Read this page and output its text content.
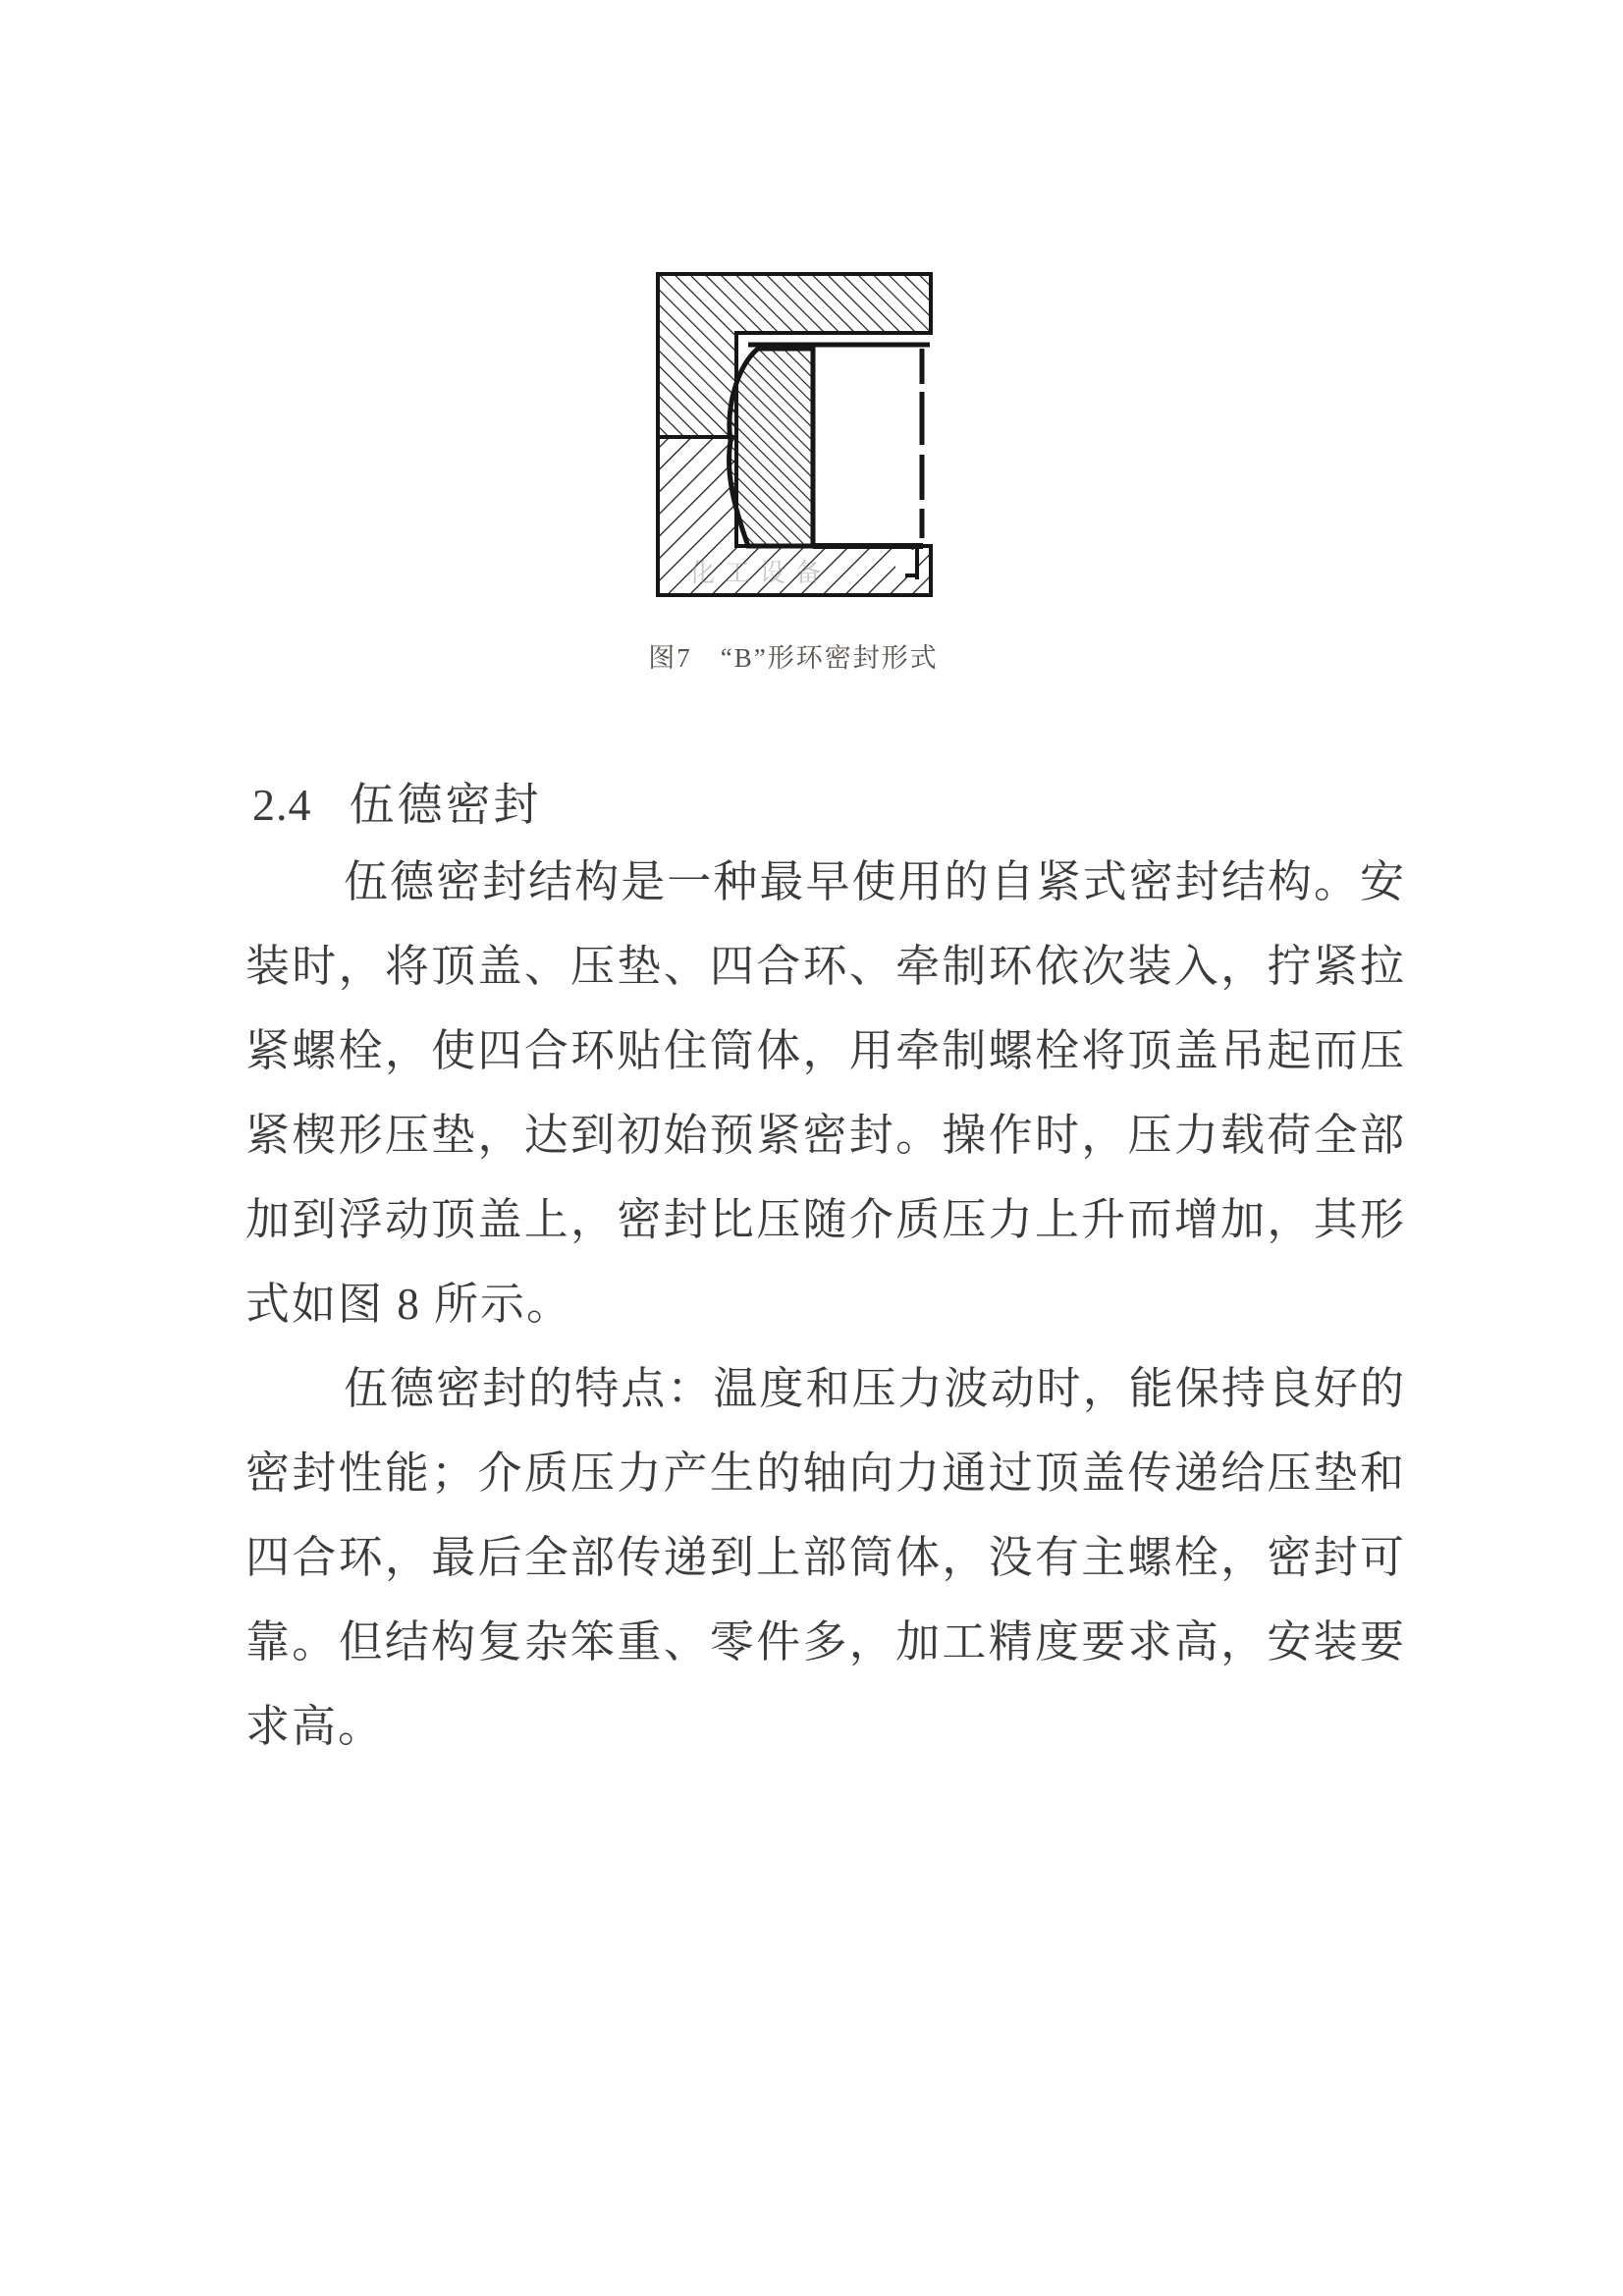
化工设备
图7　“B”形环密封形式
2.4 伍德密封
伍德密封结构是一种最早使用的自紧式密封结构。安
装时，将顶盖、压垫、四合环、牵制环依次装入，拧紧拉
紧螺栓，使四合环贴住筒体，用牵制螺栓将顶盖吊起而压
紧楔形压垫，达到初始预紧密封。操作时，压力载荷全部
加到浮动顶盖上，密封比压随介质压力上升而增加，其形
式如图 8 所示。
伍德密封的特点：温度和压力波动时，能保持良好的
密封性能；介质压力产生的轴向力通过顶盖传递给压垫和
四合环，最后全部传递到上部筒体，没有主螺栓，密封可
靠。但结构复杂笨重、零件多，加工精度要求高，安装要
求高。
